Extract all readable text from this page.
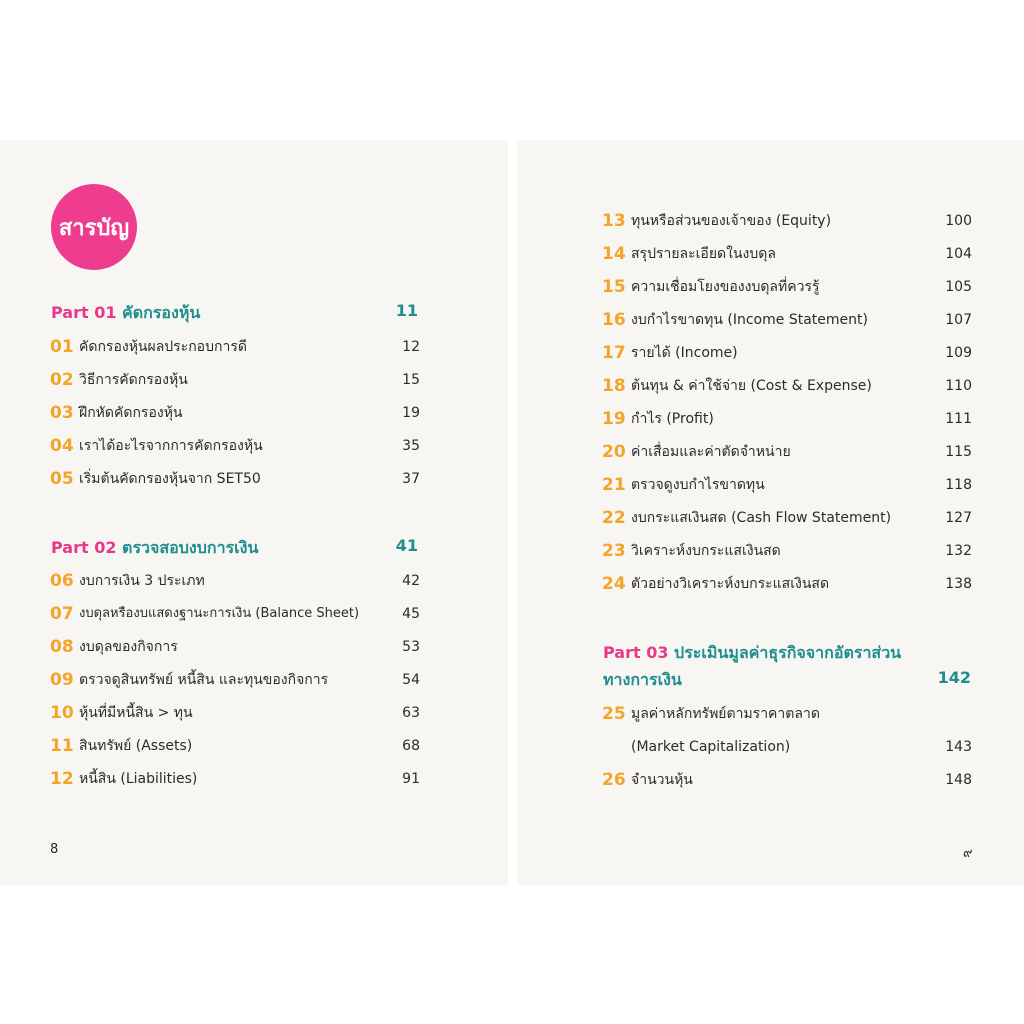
สารบัญ
Part 01 คัดกรองหุ้น	11
01 คัดกรองหุ้นผลประกอบการดี	12
02 วิธีการคัดกรองหุ้น	15
03 ฝึกหัดคัดกรองหุ้น	19
04 เราได้อะไรจากการคัดกรองหุ้น	35
05 เริ่มต้นคัดกรองหุ้นจาก SET50	37
Part 02 ตรวจสอบงบการเงิน	41
06 งบการเงิน 3 ประเภท	42
07 งบดุลหรืองบแสดงฐานะการเงิน (Balance Sheet)	45
08 งบดุลของกิจการ	53
09 ตรวจดูสินทรัพย์ หนี้สิน และทุนของกิจการ	54
10 หุ้นที่มีหนี้สิน > ทุน	63
11 สินทรัพย์ (Assets)	68
12 หนี้สิน (Liabilities)	91
8
13 ทุนหรือส่วนของเจ้าของ (Equity)	100
14 สรุปรายละเอียดในงบดุล	104
15 ความเชื่อมโยงของงบดุลที่ควรรู้	105
16 งบกำไรขาดทุน (Income Statement)	107
17 รายได้ (Income)	109
18 ต้นทุน & ค่าใช้จ่าย (Cost & Expense)	110
19 กำไร (Profit)	111
20 ค่าเสื่อมและค่าตัดจำหน่าย	115
21 ตรวจดูงบกำไรขาดทุน	118
22 งบกระแสเงินสด (Cash Flow Statement)	127
23 วิเคราะห์งบกระแสเงินสด	132
24 ตัวอย่างวิเคราะห์งบกระแสเงินสด	138
Part 03 ประเมินมูลค่าธุรกิจจากอัตราส่วน
ทางการเงิน	142
25 มูลค่าหลักทรัพย์ตามราคาตลาด
(Market Capitalization)	143
26 จำนวนหุ้น	148
๙
